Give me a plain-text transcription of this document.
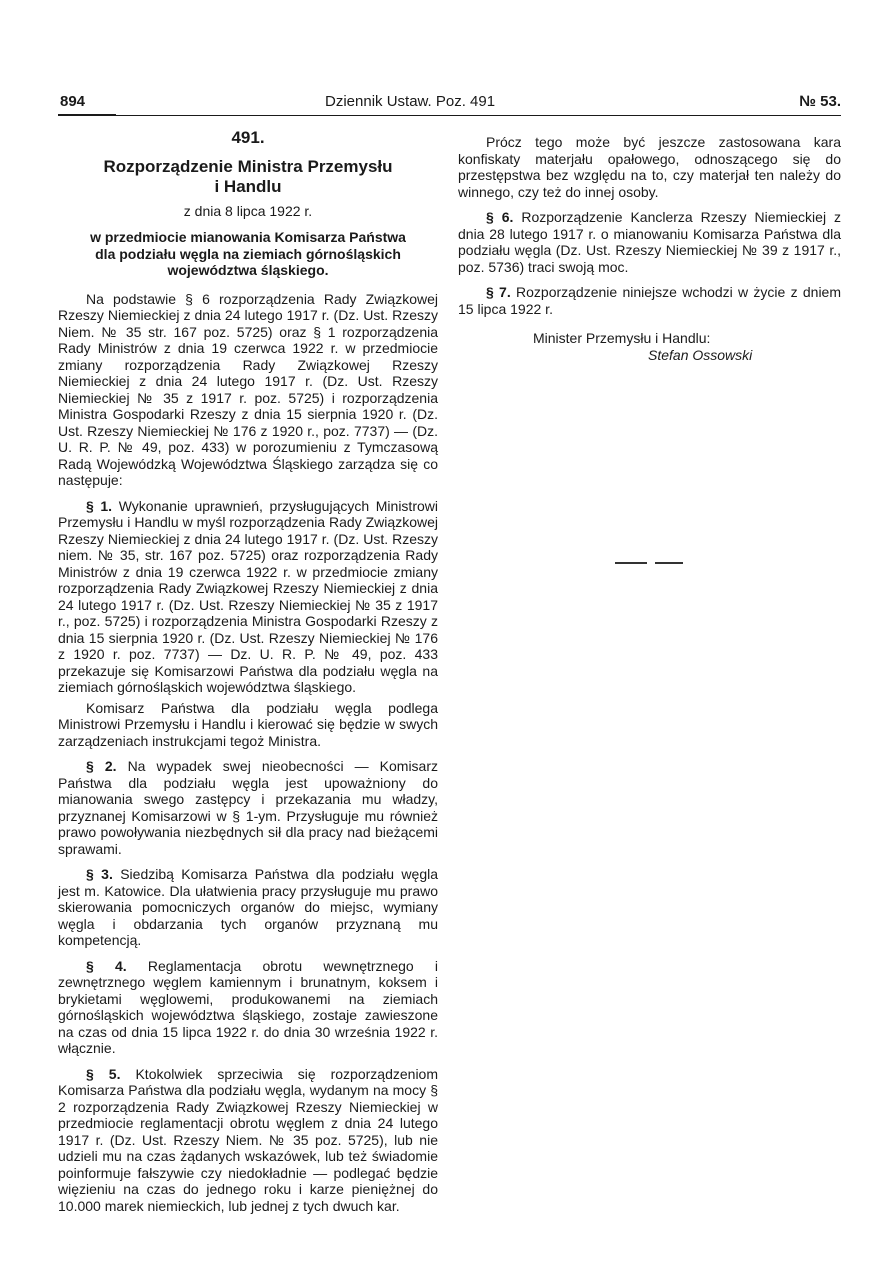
894	Dziennik Ustaw. Poz. 491	№ 53.
491.
Rozporządzenie Ministra Przemysłu
i Handlu
z dnia 8 lipca 1922 r.
w przedmiocie mianowania Komisarza Państwa
dla podziału węgla na ziemiach górnośląskich
województwa śląskiego.

Na podstawie § 6 rozporządzenia Rady Związkowej Rzeszy Niemieckiej z dnia 24 lutego 1917 r. (Dz. Ust. Rzeszy Niem. № 35 str. 167 poz. 5725) oraz § 1 rozporządzenia Rady Ministrów z dnia 19 czerwca 1922 r. w przedmiocie zmiany rozporządzenia Rady Związkowej Rzeszy Niemieckiej z dnia 24 lutego 1917 r. (Dz. Ust. Rzeszy Niemieckiej № 35 z 1917 r. poz. 5725) i rozporządzenia Ministra Gospodarki Rzeszy z dnia 15 sierpnia 1920 r. (Dz. Ust. Rzeszy Niemieckiej № 176 z 1920 r., poz. 7737) — (Dz. U. R. P. № 49, poz. 433) w porozumieniu z Tymczasową Radą Wojewódzką Województwa Śląskiego zarządza się co następuje:

§ 1. Wykonanie uprawnień, przysługujących Ministrowi Przemysłu i Handlu w myśl rozporządzenia Rady Związkowej Rzeszy Niemieckiej z dnia 24 lutego 1917 r. (Dz. Ust. Rzeszy niem. № 35, str. 167 poz. 5725) oraz rozporządzenia Rady Ministrów z dnia 19 czerwca 1922 r. w przedmiocie zmiany rozporządzenia Rady Związkowej Rzeszy Niemieckiej z dnia 24 lutego 1917 r. (Dz. Ust. Rzeszy Niemieckiej № 35 z 1917 r., poz. 5725) i rozporządzenia Ministra Gospodarki Rzeszy z dnia 15 sierpnia 1920 r. (Dz. Ust. Rzeszy Niemieckiej № 176 z 1920 r. poz. 7737) — Dz. U. R. P. № 49, poz. 433 przekazuje się Komisarzowi Państwa dla podziału węgla na ziemiach górnośląskich województwa śląskiego.

Komisarz Państwa dla podziału węgla podlega Ministrowi Przemysłu i Handlu i kierować się będzie w swych zarządzeniach instrukcjami tegoż Ministra.

§ 2. Na wypadek swej nieobecności — Komisarz Państwa dla podziału węgla jest upoważniony do mianowania swego zastępcy i przekazania mu władzy, przyznanej Komisarzowi w § 1-ym. Przysługuje mu również prawo powoływania niezbędnych sił dla pracy nad bieżącemi sprawami.

§ 3. Siedzibą Komisarza Państwa dla podziału węgla jest m. Katowice. Dla ułatwienia pracy przysługuje mu prawo skierowania pomocniczych organów do miejsc, wymiany węgla i obdarzania tych organów przyznaną mu kompetencją.

§ 4. Reglamentacja obrotu wewnętrznego i zewnętrznego węglem kamiennym i brunatnym, koksem i brykietami węglowemi, produkowanemi na ziemiach górnośląskich województwa śląskiego, zostaje zawieszone na czas od dnia 15 lipca 1922 r. do dnia 30 września 1922 r. włącznie.

§ 5. Ktokolwiek sprzeciwia się rozporządzeniom Komisarza Państwa dla podziału węgla, wydanym na mocy § 2 rozporządzenia Rady Związkowej Rzeszy Niemieckiej w przedmiocie reglamentacji obrotu węglem z dnia 24 lutego 1917 r. (Dz. Ust. Rzeszy Niem. № 35 poz. 5725), lub nie udzieli mu na czas żądanych wskazówek, lub też świadomie poinformuje fałszywie czy niedokładnie — podlegać będzie więzieniu na czas do jednego roku i karze pieniężnej do 10.000 marek niemieckich, lub jednej z tych dwuch kar.

Prócz tego może być jeszcze zastosowana kara konfiskaty materjału opałowego, odnoszącego się do przestępstwa bez względu na to, czy materjał ten należy do winnego, czy też do innej osoby.

§ 6. Rozporządzenie Kanclerza Rzeszy Niemieckiej z dnia 28 lutego 1917 r. o mianowaniu Komisarza Państwa dla podziału węgla (Dz. Ust. Rzeszy Niemieckiej № 39 z 1917 r., poz. 5736) traci swoją moc.

§ 7. Rozporządzenie niniejsze wchodzi w życie z dniem 15 lipca 1922 r.

Minister Przemysłu i Handlu:
Stefan Ossowski
